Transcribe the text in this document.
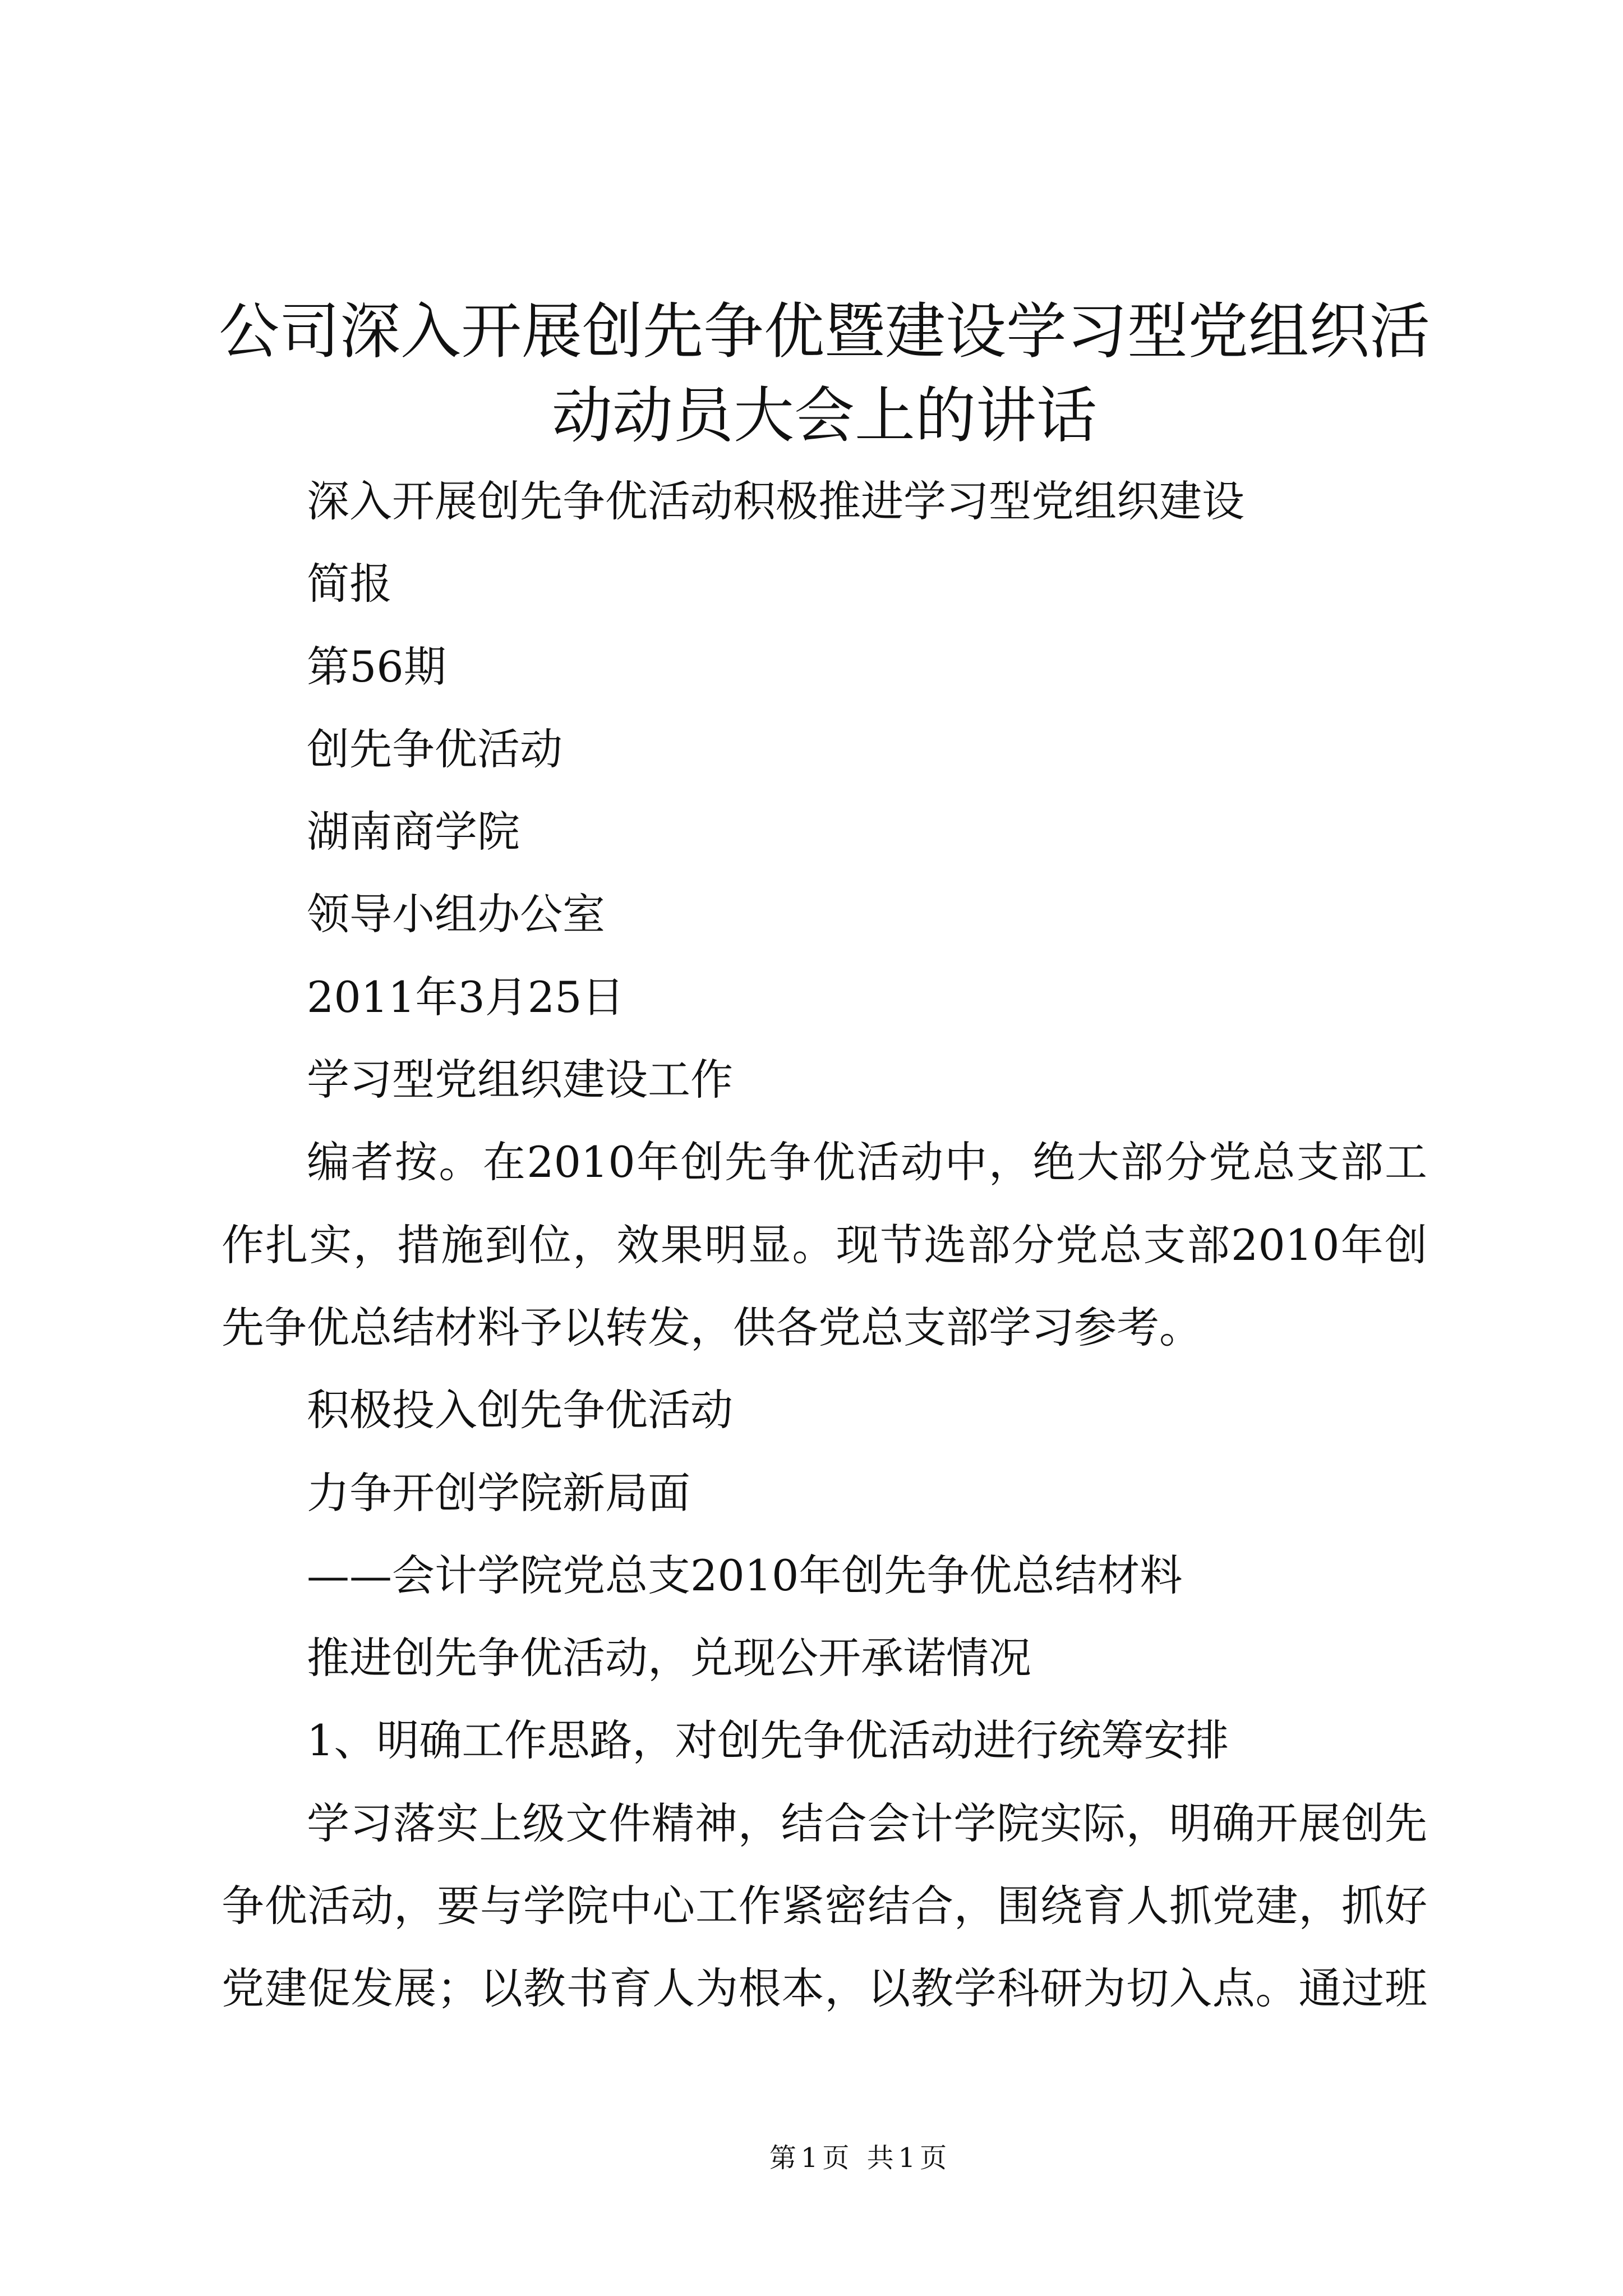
公司深入开展创先争优暨建设学习型党组织活
动动员大会上的讲话
深入开展创先争优活动积极推进学习型党组织建设
简报
第56期
创先争优活动
湖南商学院
领导小组办公室
2011年3月25日
学习型党组织建设工作
编者按。在2010年创先争优活动中，绝大部分党总支部工
作扎实，措施到位，效果明显。现节选部分党总支部2010年创
先争优总结材料予以转发，供各党总支部学习参考。
积极投入创先争优活动
力争开创学院新局面
——会计学院党总支2010年创先争优总结材料
推进创先争优活动，兑现公开承诺情况
1、明确工作思路，对创先争优活动进行统筹安排
学习落实上级文件精神，结合会计学院实际，明确开展创先
争优活动，要与学院中心工作紧密结合，围绕育人抓党建，抓好
党建促发展；以教书育人为根本，以教学科研为切入点。通过班
第1页 共1页
